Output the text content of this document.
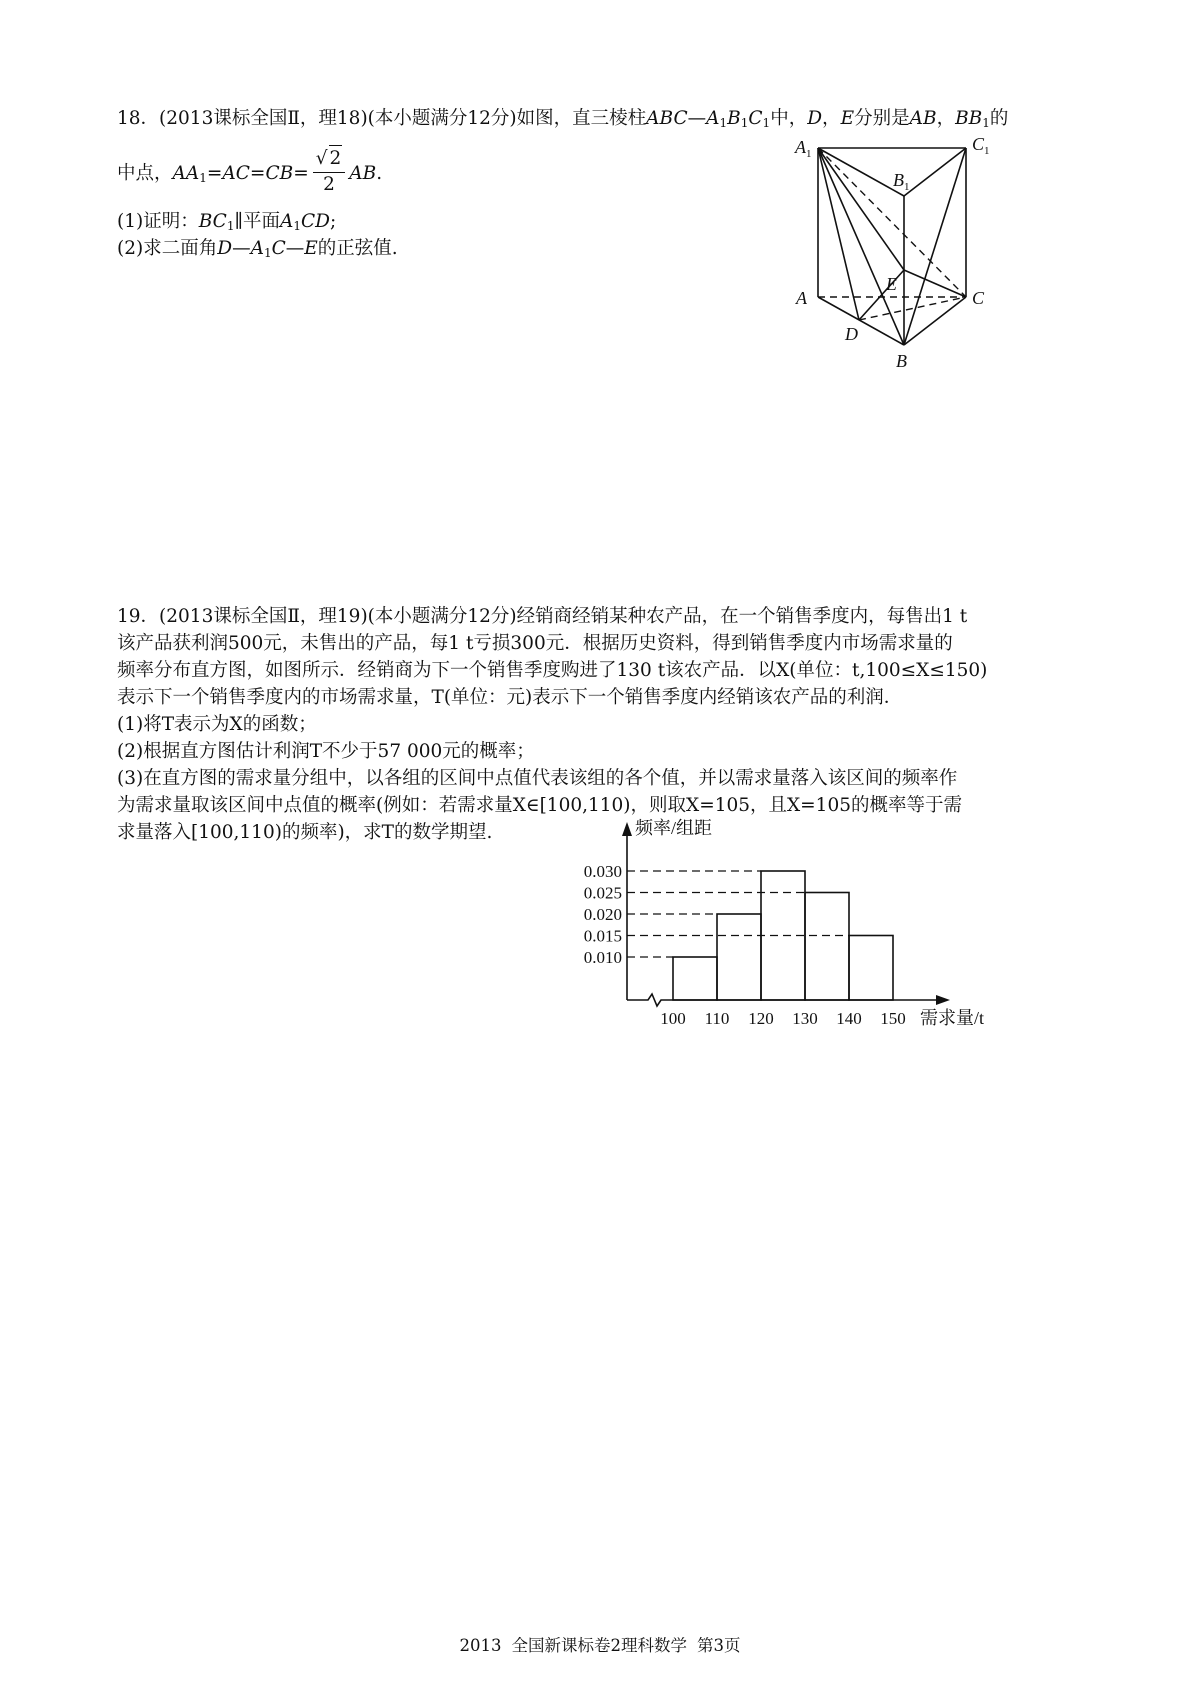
18．(2013课标全国Ⅱ，理18)(本小题满分12分)如图，直三棱柱$ABC—A_1B_1C_1$中，D，E分别是AB，$BB_1$的
中点，$AA_1=AC=CB= \frac{√ 2}{2}$ AB.
(1)证明：$BC_1\parallel$平面$A_1CD$;
(2)求二面角$D—A_1C—E$的正弦值.
$A_1$	$C_1$
$B_1$
E
A	C
D
B
19．(2013课标全国Ⅱ，理19)(本小题满分12分)经销商经销某种农产品，在一个销售季度内，每售出1 t
该产品获利润500元，未售出的产品，每1 t亏损300元．根据历史资料，得到销售季度内市场需求量的
频率分布直方图，如图所示．经销商为下一个销售季度购进了130 t该农产品．以X(单位：t,100≤X≤150)
表示下一个销售季度内的市场需求量，T(单位：元)表示下一个销售季度内经销该农产品的利润．
(1)将T表示为X的函数；
(2)根据直方图估计利润T不少于57 000元的概率；
(3)在直方图的需求量分组中，以各组的区间中点值代表该组的各个值，并以需求量落入该区间的频率作
为需求量取该区间中点值的概率(例如：若需求量X∈[100,110)，则取X=105，且X=105的概率等于需
求量落入[100,110)的频率)，求T的数学期望.
0.010
0.015
0.020
0.025
0.030
100 110 120 130 140 150
频率/组距
需求量/t
2013 全国新课标卷2理科数学 第3页
